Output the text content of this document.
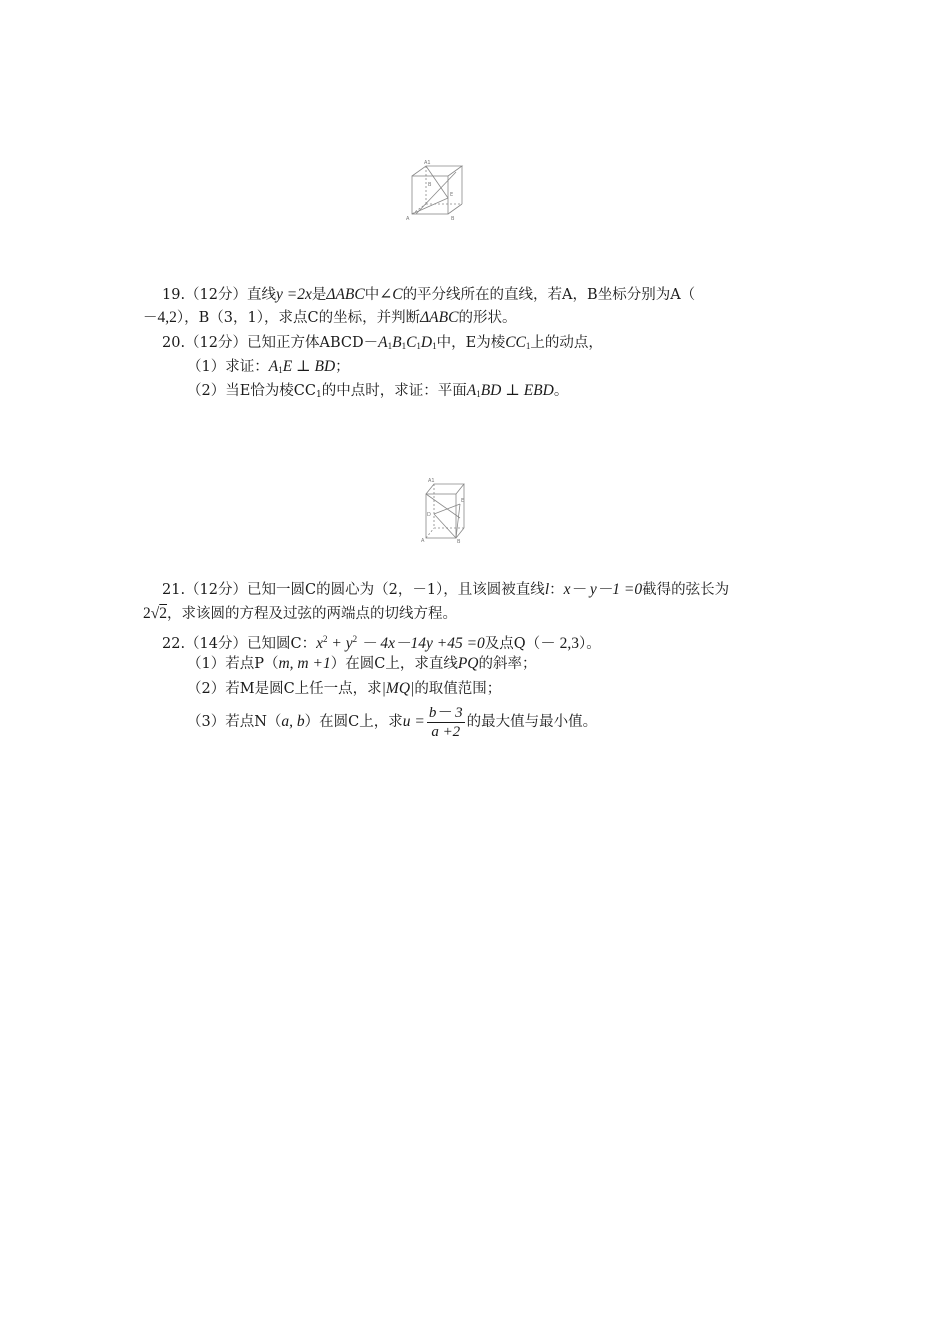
A1
E
B
A
B
19.（12分）直线y =2x是ΔABC中∠C的平分线所在的直线，若A，B坐标分别为A（
－4,2），B（3，1），求点C的坐标，并判断ΔABC的形状。
20.（12分）已知正方体$ABCD-A_1B_1C_1D_1$中，E为棱$CC_1$上的动点，
（1）求证：$A_1E$ ⊥ BD；
（2）当E恰为棱$CC_1$的中点时，求证：平面$A_1BD$ ⊥ EBD。
A1
E
D
A	B
21.（12分）已知一圆C的圆心为（2，－1），且该圆被直线l：x－ y－1 =0截得的弦长为
2√2，求该圆的方程及过弦的两端点的切线方程。
22.（14分）已知圆C：$x^2 + y^2 - 4x-14y +45 =0$及点Q（－ 2,3）。
（1）若点P（m, m +1）在圆C上，求直线PQ的斜率；
（2）若M是圆C上任一点，求|MQ|的取值范围；
（3）若点N（a, b）在圆C上，求$u = \frac{b- 3}{a +2}$ 的最大值与最小值。
